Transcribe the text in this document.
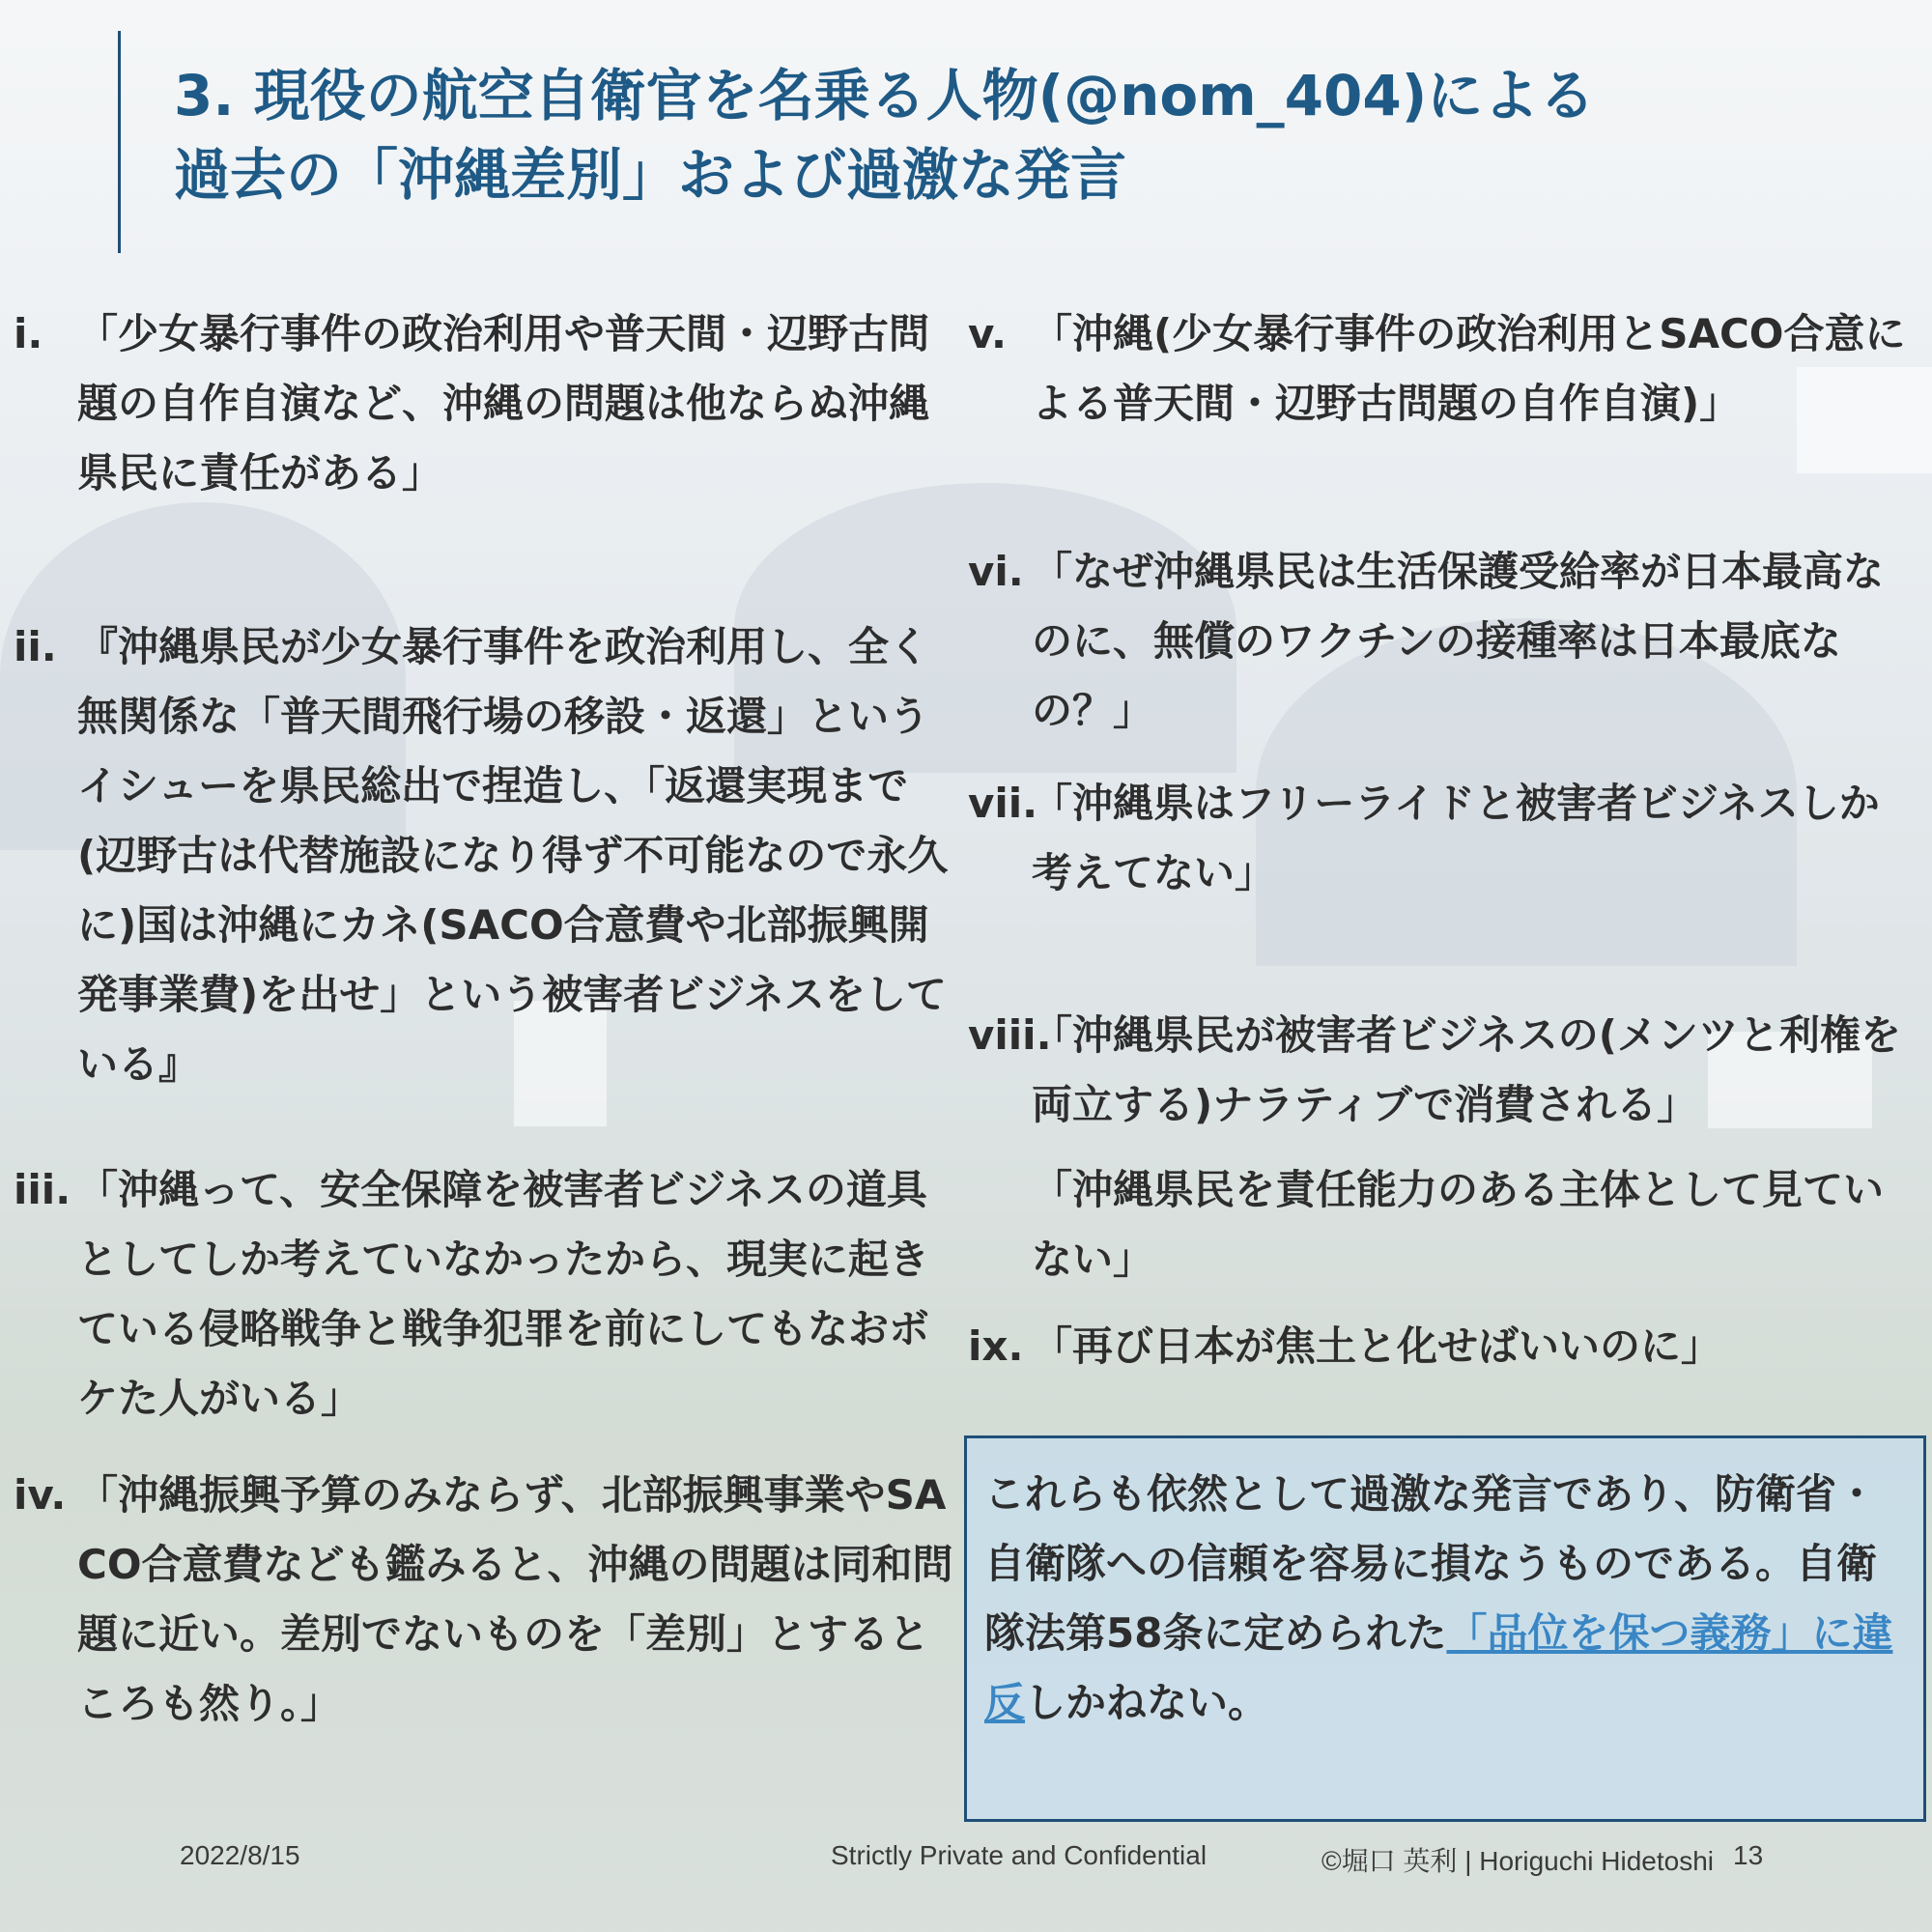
3. 現役の航空自衛官を名乗る人物(@nom_404)による
過去の「沖縄差別」および過激な発言
i. 「少女暴行事件の政治利用や普天間・辺野古問題の自作自演など、沖縄の問題は他ならぬ沖縄県民に責任がある」
ii. 『沖縄県民が少女暴行事件を政治利用し、全く無関係な「普天間飛行場の移設・返還」というイシューを県民総出で捏造し、「返還実現まで(辺野古は代替施設になり得ず不可能なので永久に)国は沖縄にカネ(SACO合意費や北部振興開発事業費)を出せ」という被害者ビジネスをしている』
iii. 「沖縄って、安全保障を被害者ビジネスの道具としてしか考えていなかったから、現実に起きている侵略戦争と戦争犯罪を前にしてもなおボケた人がいる」
iv. 「沖縄振興予算のみならず、北部振興事業やSACO合意費なども鑑みると、沖縄の問題は同和問題に近い。差別でないものを「差別」とするところも然り。」
v. 「沖縄(少女暴行事件の政治利用とSACO合意による普天間・辺野古問題の自作自演)」
vi. 「なぜ沖縄県民は生活保護受給率が日本最高なのに、無償のワクチンの接種率は日本最底なの？」
vii.
「沖縄県はフリーライドと被害者ビジネスしか考えてない」
viii.
「沖縄県民が被害者ビジネスの(メンツと利権を両立する)ナラティブで消費される」
「沖縄県民を責任能力のある主体として見ていない」
ix. 「再び日本が焦土と化せばいいのに」
これらも依然として過激な発言であり、防衛省・自衛隊への信頼を容易に損なうものである。自衛隊法第58条に定められた「品位を保つ義務」に違反しかねない。
2022/8/15	Strictly Private and Confidential	©堀口 英利 | Horiguchi Hidetoshi 13
